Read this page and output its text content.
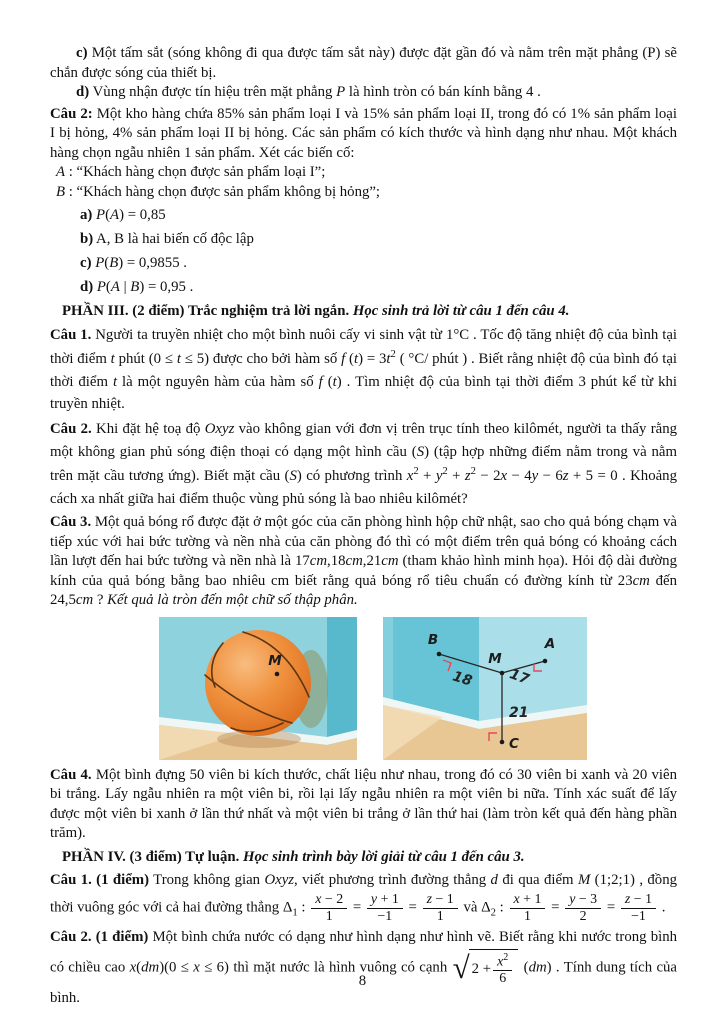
c) Một tấm sắt (sóng không đi qua được tấm sắt này) được đặt gần đó và nằm trên mặt phẳng (P) sẽ chắn được sóng của thiết bị.

d) Vùng nhận được tín hiệu trên mặt phẳng P là hình tròn có bán kính bằng 4 .

Câu 2: Một kho hàng chứa 85% sản phẩm loại I và 15% sản phẩm loại II, trong đó có 1% sản phẩm loại I bị hỏng, 4% sản phẩm loại II bị hỏng. Các sản phẩm có kích thước và hình dạng như nhau. Một khách hàng chọn ngẫu nhiên 1 sản phẩm. Xét các biến cố:

A : “Khách hàng chọn được sản phẩm loại I”;

B : “Khách hàng chọn được sản phẩm không bị hỏng”;

a) P(A) = 0,85

b) A, B là hai biến cố độc lập

c) P(B) = 0,9855 .

d) P(A | B) = 0,95 .

PHẦN III. (2 điểm) Trắc nghiệm trả lời ngắn. Học sinh trả lời từ câu 1 đến câu 4.

Câu 1. Người ta truyền nhiệt cho một bình nuôi cấy vi sinh vật từ 1°C . Tốc độ tăng nhiệt độ của bình tại thời điểm t phút (0 ≤ t ≤ 5) được cho bởi hàm số f $(t) = 3t^2$ ( °C/ phút ) . Biết rằng nhiệt độ của bình đó tại thời điểm t là một nguyên hàm của hàm số f (t) . Tìm nhiệt độ của bình tại thời điểm 3 phút kể từ khi truyền nhiệt.

Câu 2. Khi đặt hệ toạ độ Oxyz vào không gian với đơn vị trên trục tính theo kilômét, người ta thấy rằng một không gian phủ sóng điện thoại có dạng một hình cầu (S) (tập hợp những điểm nằm trong và nằm trên mặt cầu tương ứng). Biết mặt cầu (S) có phương trình $x^2 + y^2 + z^2 - 2x - 4y - 6z + 5 = 0$ . Khoảng cách xa nhất giữa hai điểm thuộc vùng phủ sóng là bao nhiêu kilômét?

Câu 3. Một quả bóng rổ được đặt ở một góc của căn phòng hình hộp chữ nhật, sao cho quả bóng chạm và tiếp xúc với hai bức tường và nền nhà của căn phòng đó thì có một điểm trên quả bóng có khoảng cách lần lượt đến hai bức tường và nền nhà là 17cm,18cm,21cm (tham khảo hình minh họa). Hỏi độ dài đường kính của quả bóng bằng bao nhiêu cm biết rằng quả bóng rổ tiêu chuẩn có đường kính từ 23cm đến 24,5cm ? Kết quả là tròn đến một chữ số thập phân.

M
B
M
A
C
18 17
21

Câu 4. Một bình đựng 50 viên bi kích thước, chất liệu như nhau, trong đó có 30 viên bi xanh và 20 viên bi trắng. Lấy ngẫu nhiên ra một viên bi, rồi lại lấy ngẫu nhiên ra một viên bi nữa. Tính xác suất để lấy được một viên bi xanh ở lần thứ nhất và một viên bi trắng ở lần thứ hai (làm tròn kết quả đến hàng phần trăm).

PHẦN IV. (3 điểm) Tự luận. Học sinh trình bày lời giải từ câu 1 đến câu 3.

Câu 1. (1 điểm) Trong không gian Oxyz, viết phương trình đường thẳng d đi qua điểm M (1;2;1) , đồng thời vuông góc với cả hai đường thẳng $\Delta_1$ : $\frac{x - 2}{1} = \frac{y + 1}{-1} = \frac{z - 1}{1}$ và $\Delta_2$ : $\frac{x + 1}{1} = \frac{y - 3}{2} = \frac{z - 1}{-1}$ .

Câu 2. (1 điểm) Một bình chứa nước có dạng như hình dạng như hình vẽ. Biết rằng khi nước trong bình có chiều cao x(dm)(0 ≤ x ≤ 6) thì mặt nước là hình vuông có cạnh √ $2 + \frac{x^2}{6} (dm)$ . Tính dung tích của bình.

8
